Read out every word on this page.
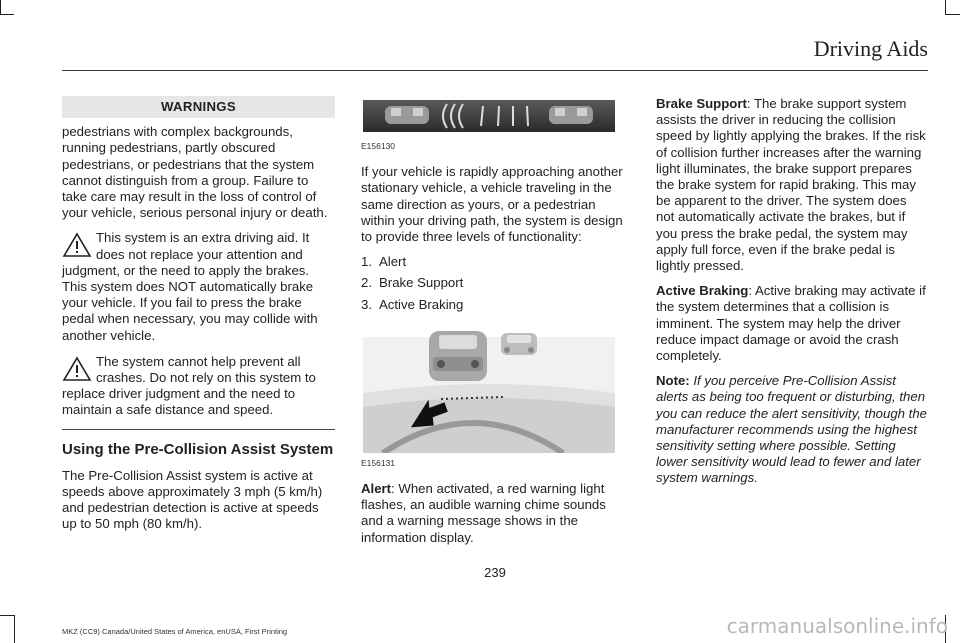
Driving Aids
WARNINGS

pedestrians with complex backgrounds, running pedestrians, partly obscured pedestrians, or pedestrians that the system cannot distinguish from a group. Failure to take care may result in the loss of control of your vehicle, serious personal injury or death.

This system is an extra driving aid. It does not replace your attention and judgment, or the need to apply the brakes. This system does NOT automatically brake your vehicle. If you fail to press the brake pedal when necessary, you may collide with another vehicle.
The system cannot help prevent all crashes. Do not rely on this system to replace driver judgment and the need to maintain a safe distance and speed.
Using the Pre-Collision Assist System

The Pre-Collision Assist system is active at speeds above approximately 3 mph (5 km/h) and pedestrian detection is active at speeds up to 50 mph (80 km/h).

E156130

If your vehicle is rapidly approaching another stationary vehicle, a vehicle traveling in the same direction as yours, or a pedestrian within your driving path, the system is design to provide three levels of functionality:

1. Alert
2. Brake Support
3. Active Braking
E156131

Alert: When activated, a red warning light flashes, an audible warning chime sounds and a warning message shows in the information display.

Brake Support: The brake support system assists the driver in reducing the collision speed by lightly applying the brakes. If the risk of collision further increases after the warning light illuminates, the brake support prepares the brake system for rapid braking. This may be apparent to the driver. The system does not automatically activate the brakes, but if you press the brake pedal, the system may apply full force, even if the brake pedal is lightly pressed.

Active Braking: Active braking may activate if the system determines that a collision is imminent. The system may help the driver reduce impact damage or avoid the crash completely.

Note: If you perceive Pre-Collision Assist alerts as being too frequent or disturbing, then you can reduce the alert sensitivity, though the manufacturer recommends using the highest sensitivity setting where possible. Setting lower sensitivity would lead to fewer and later system warnings.

239
MKZ (CC9) Canada/United States of America, enUSA, First Printing	carmanualsonline.info
